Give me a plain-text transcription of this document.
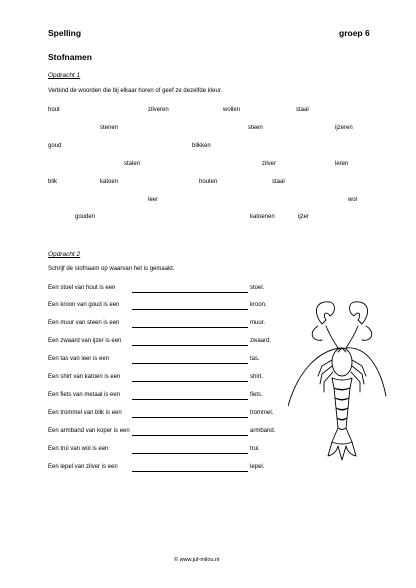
Spelling	groep 6
Stofnamen
Opdracht 1
Verbind de woorden die bij elkaar horen of geef ze dezelfde kleur.
hout	zilveren	wollen	staal
stenen	steen	ijzeren
goud	blikken
stalen	zilver	leren
blik	katoen	houten	staal
leer	wol
gouden	katoenen	ijzer
Opdracht 2
Schrijf de stofnaam op waarvan het is gemaakt.
Een stoel van hout is een	stoel.
Een kroon van goud is een	kroon.
Een muur van steen is een	muur.
Een zwaard van ijzer is een	zwaard.
Een tas van leer is een	tas.
Een shirt van katoen is een	shirt.
Een fiets van metaal is een	fiets.
Een trommel van blik is een	trommel.
Een armband van koper is een	armband.
Een trui van wol is een	trui.
Een lepel van zilver is een	lepel.
© www.juf-milou.nl
